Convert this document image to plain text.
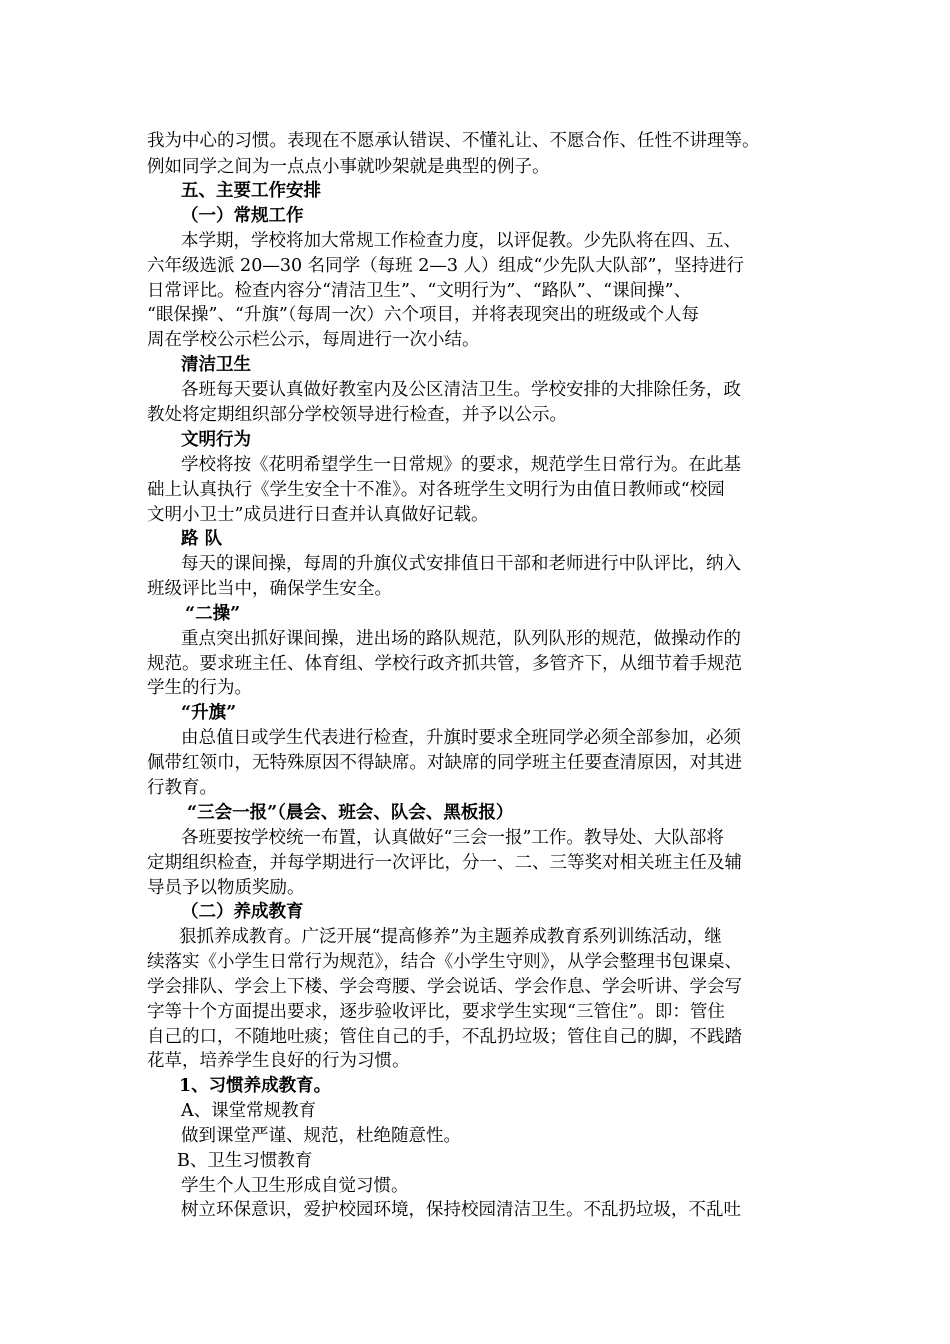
我为中心的习惯。表现在不愿承认错误、不懂礼让、不愿合作、任性不讲理等。
例如同学之间为一点点小事就吵架就是典型的例子。
五、主要工作安排
（一）常规工作
本学期，学校将加大常规工作检查力度，以评促教。少先队将在四、五、
六年级选派 20—30 名同学（每班 2—3 人）组成“少先队大队部”，坚持进行
日常评比。检查内容分“清洁卫生”、“文明行为”、“路队”、“课间操”、
“眼保操”、“升旗”（每周一次）六个项目，并将表现突出的班级或个人每
周在学校公示栏公示，每周进行一次小结。
清洁卫生
各班每天要认真做好教室内及公区清洁卫生。学校安排的大排除任务，政
教处将定期组织部分学校领导进行检查，并予以公示。
文明行为
学校将按《花明希望学生一日常规》的要求，规范学生日常行为。在此基
础上认真执行《学生安全十不准》。对各班学生文明行为由值日教师或“校园
文明小卫士”成员进行日查并认真做好记载。
路 队
每天的课间操，每周的升旗仪式安排值日干部和老师进行中队评比，纳入
班级评比当中，确保学生安全。
“二操”
重点突出抓好课间操，进出场的路队规范，队列队形的规范，做操动作的
规范。要求班主任、体育组、学校行政齐抓共管，多管齐下，从细节着手规范
学生的行为。
“升旗”
由总值日或学生代表进行检查，升旗时要求全班同学必须全部参加，必须
佩带红领巾，无特殊原因不得缺席。对缺席的同学班主任要查清原因，对其进
行教育。
“三会一报”（晨会、班会、队会、黑板报）
各班要按学校统一布置，认真做好“三会一报”工作。教导处、大队部将
定期组织检查，并每学期进行一次评比，分一、二、三等奖对相关班主任及辅
导员予以物质奖励。
（二）养成教育
狠抓养成教育。广泛开展“提高修养”为主题养成教育系列训练活动，继
续落实《小学生日常行为规范》，结合《小学生守则》，从学会整理书包课桌、
学会排队、学会上下楼、学会弯腰、学会说话、学会作息、学会听讲、学会写
字等十个方面提出要求，逐步验收评比，要求学生实现“三管住”。即：管住
自己的口，不随地吐痰；管住自己的手，不乱扔垃圾；管住自己的脚，不践踏
花草，培养学生良好的行为习惯。
1、习惯养成教育。
A、课堂常规教育
做到课堂严谨、规范，杜绝随意性。
B、卫生习惯教育
学生个人卫生形成自觉习惯。
树立环保意识，爱护校园环境，保持校园清洁卫生。不乱扔垃圾，不乱吐
